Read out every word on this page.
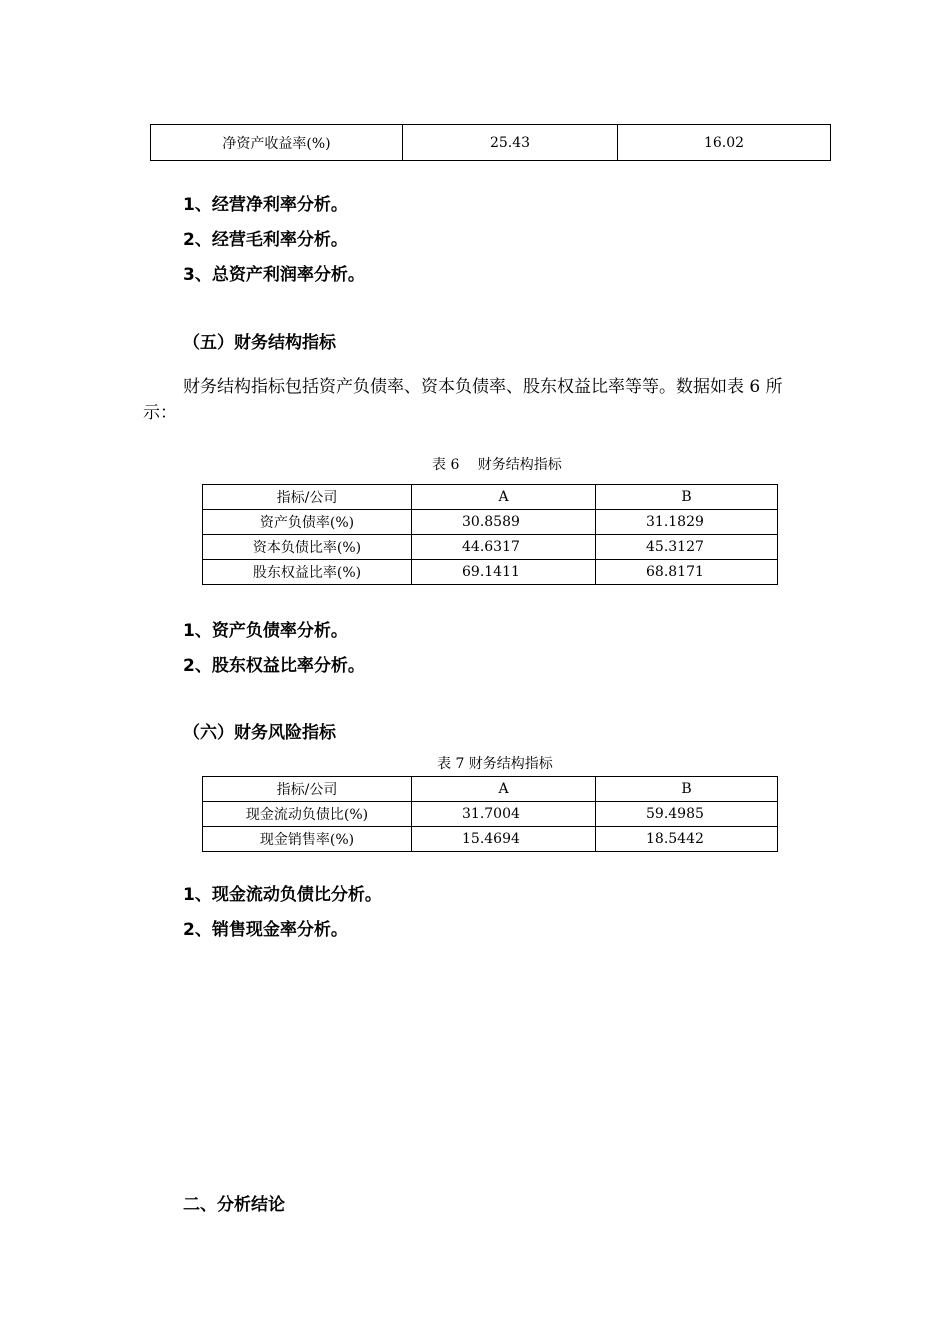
净资产收益率(%)	25.43	16.02
1、经营净利率分析。
2、经营毛利率分析。
3、总资产利润率分析。
（五）财务结构指标
财务结构指标包括资产负债率、资本负债率、股东权益比率等等。数据如表 6 所
示：
表 6　 财务结构指标
指标/公司	A	B
资产负债率(%)	30.8589	31.1829
资本负债比率(%)	44.6317	45.3127
股东权益比率(%)	69.1411	68.8171
1、资产负债率分析。
2、股东权益比率分析。
（六）财务风险指标
表 7 财务结构指标
指标/公司	A	B
现金流动负债比(%)	31.7004	59.4985
现金销售率(%)	15.4694	18.5442
1、现金流动负债比分析。
2、销售现金率分析。
二、分析结论
